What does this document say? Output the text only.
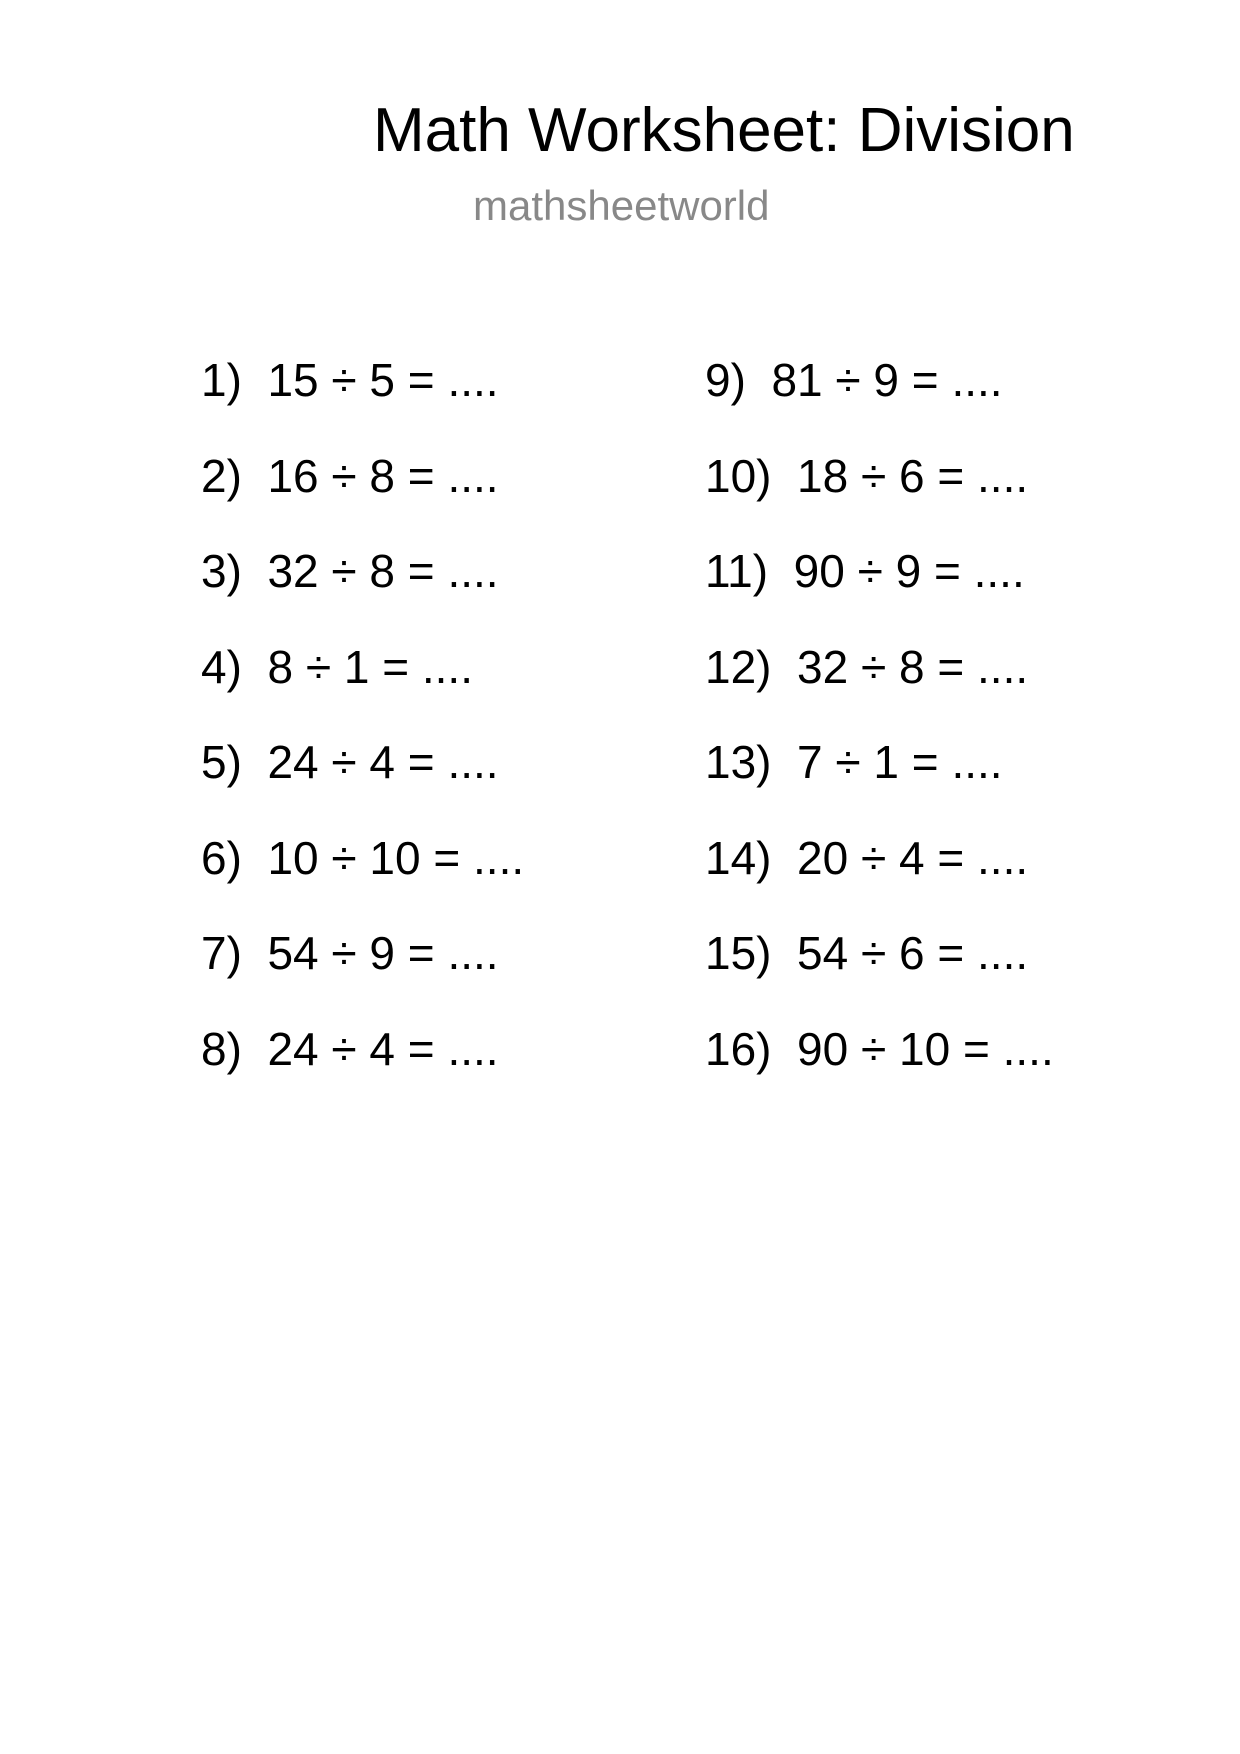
Math Worksheet: Division
mathsheetworld
1)  15 ÷ 5 = ....
2)  16 ÷ 8 = ....
3)  32 ÷ 8 = ....
4)  8 ÷ 1 = ....
5)  24 ÷ 4 = ....
6)  10 ÷ 10 = ....
7)  54 ÷ 9 = ....
8)  24 ÷ 4 = ....
9)  81 ÷ 9 = ....
10)  18 ÷ 6 = ....
11)  90 ÷ 9 = ....
12)  32 ÷ 8 = ....
13)  7 ÷ 1 = ....
14)  20 ÷ 4 = ....
15)  54 ÷ 6 = ....
16)  90 ÷ 10 = ....
